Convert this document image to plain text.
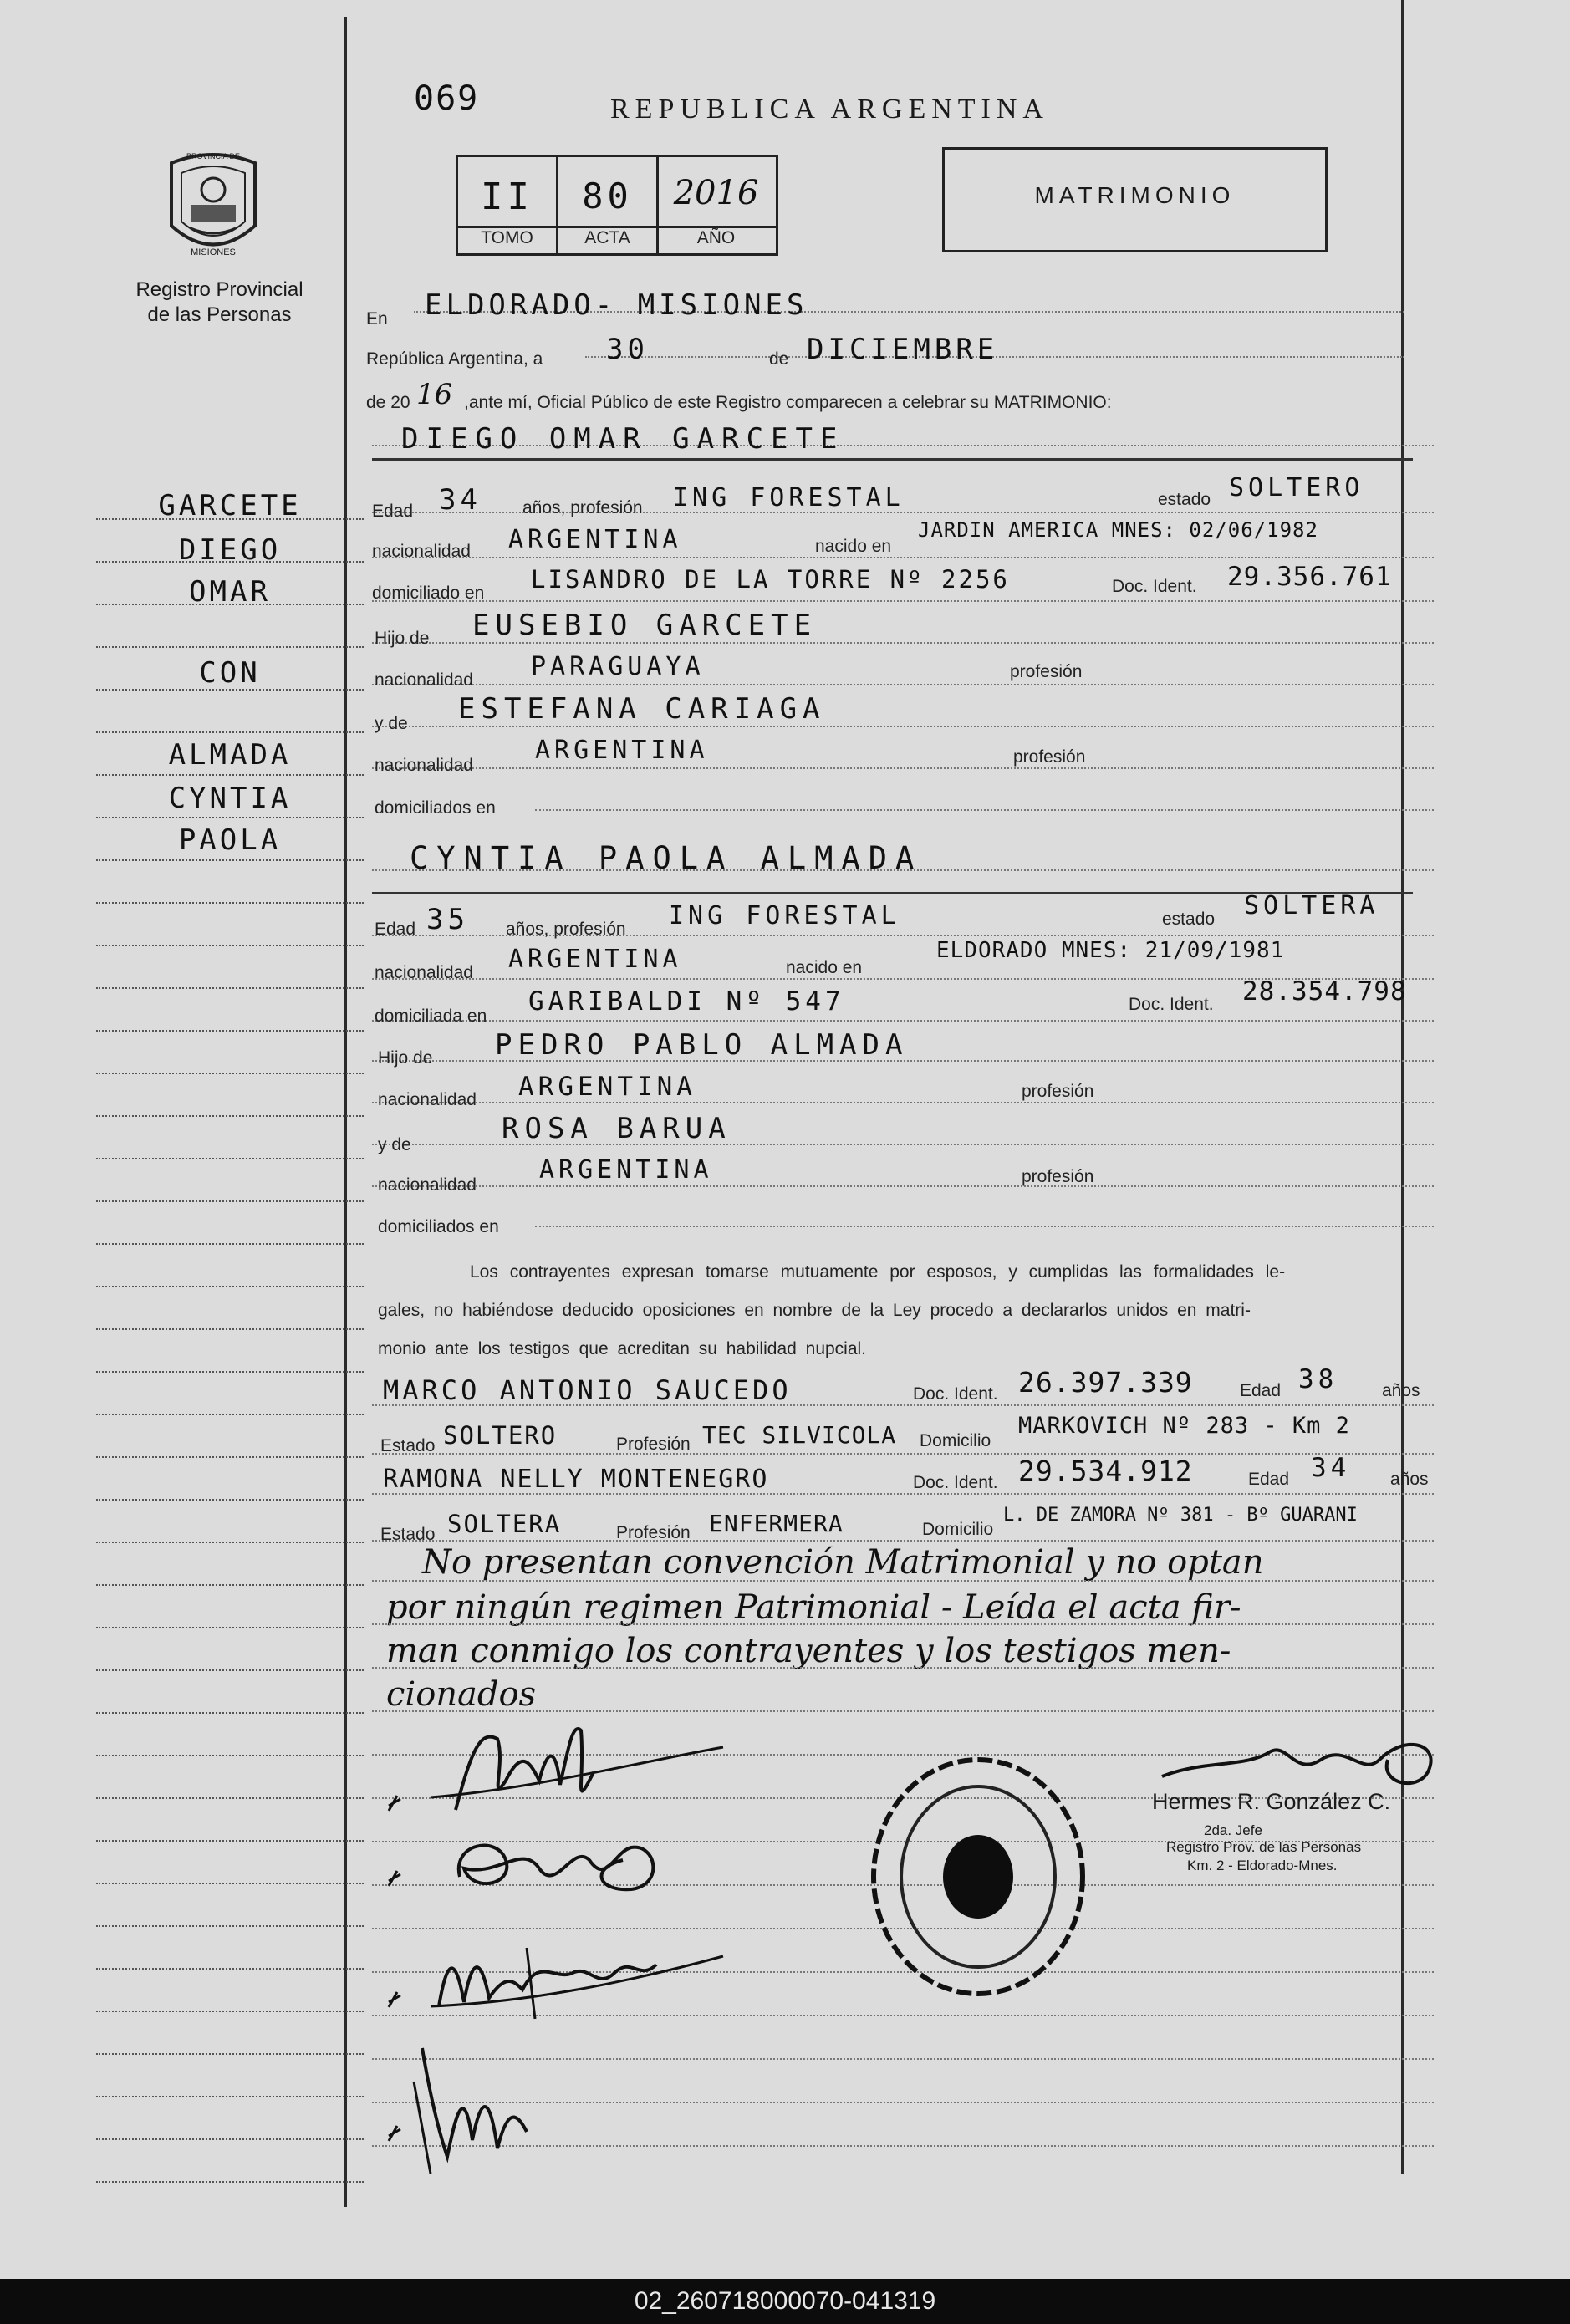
069
PROVINCIA DE
MISIONES
Registro Provincial
de las Personas
REPUBLICA ARGENTINA
II	80	2016
TOMO	ACTA	AÑO
MATRIMONIO
GARCETE
DIEGO
OMAR
CON
ALMADA
CYNTIA
PAOLA
En ELDORADO- MISIONES
República Argentina, a 30	de DICIEMBRE
de 20 16 ,ante mí, Oficial Público de este Registro comparecen a celebrar su MATRIMONIO:
DIEGO OMAR GARCETE
Edad 34 años, profesión ING FORESTAL	estado SOLTERO
nacionalidad ARGENTINA	nacido en
JARDIN AMERICA MNES: 02/06/1982
domiciliado en LISANDRO DE LA TORRE Nº 2256	Doc. Ident. 29.356.761
Hijo de EUSEBIO GARCETE
nacionalidad PARAGUAYA	profesión
y de ESTEFANA CARIAGA
nacionalidad
ARGENTINA	profesión
domiciliados en
CYNTIA PAOLA ALMADA
Edad 35 años, profesión ING FORESTAL	estado SOLTERA
nacionalidad ARGENTINA	nacido en
ELDORADO MNES: 21/09/1981
domiciliada en GARIBALDI Nº 547	Doc. Ident. 28.354.798
Hijo de PEDRO PABLO ALMADA
nacionalidad ARGENTINA	profesión
y de	ROSA BARUA
nacionalidad
ARGENTINA	profesión
domiciliados en
Los contrayentes expresan tomarse mutuamente por esposos, y cumplidas las formalidades le-
gales, no habiéndose deducido oposiciones en nombre de la Ley procedo a declararlos unidos en matri-
monio ante los testigos que acreditan su habilidad nupcial.
MARCO ANTONIO SAUCEDO	Doc. Ident. 26.397.339	Edad 38	años
Estado SOLTERO	Profesión TEC SILVICOLA Domicilio
MARKOVICH Nº 283 - Km 2
RAMONA NELLY MONTENEGRO	Doc. Ident. 29.534.912	Edad 34 años
Estado SOLTERA	Profesión ENFERMERA	Domicilio
L. DE ZAMORA Nº 381 - Bº GUARANI
No presentan convención Matrimonial y no optan
por ningún regimen Patrimonial - Leída el acta fir-
man conmigo los contrayentes y los testigos men-
cionados
Hermes R. González C.
2da. Jefe
Registro Prov. de las Personas
Km. 2 - Eldorado-Mnes.
02_260718000070-041319
